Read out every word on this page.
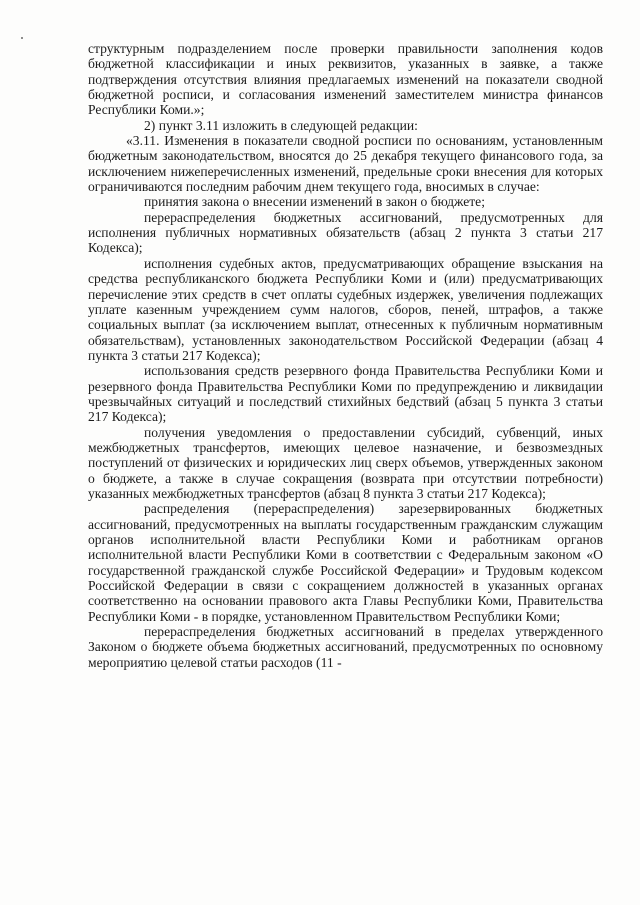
структурным подразделением после проверки правильности заполнения кодов бюджетной классификации и иных реквизитов, указанных в заявке, а также подтверждения отсутствия влияния предлагаемых изменений на показатели сводной бюджетной росписи, и согласования изменений заместителем министра финансов Республики Коми.»;

2) пункт 3.11 изложить в следующей редакции:

«3.11. Изменения в показатели сводной росписи по основаниям, установленным бюджетным законодательством, вносятся до 25 декабря текущего финансового года, за исключением нижеперечисленных изменений, предельные сроки внесения для которых ограничиваются последним рабочим днем текущего года, вносимых в случае:

принятия закона о внесении изменений в закон о бюджете;

перераспределения бюджетных ассигнований, предусмотренных для исполнения публичных нормативных обязательств (абзац 2 пункта 3 статьи 217 Кодекса);

исполнения судебных актов, предусматривающих обращение взыскания на средства республиканского бюджета Республики Коми и (или) предусматривающих перечисление этих средств в счет оплаты судебных издержек, увеличения подлежащих уплате казенным учреждением сумм налогов, сборов, пеней, штрафов, а также социальных выплат (за исключением выплат, отнесенных к публичным нормативным обязательствам), установленных законодательством Российской Федерации (абзац 4 пункта 3 статьи 217 Кодекса);

использования средств резервного фонда Правительства Республики Коми и резервного фонда Правительства Республики Коми по предупреждению и ликвидации чрезвычайных ситуаций и последствий стихийных бедствий (абзац 5 пункта 3 статьи 217 Кодекса);

получения уведомления о предоставлении субсидий, субвенций, иных межбюджетных трансфертов, имеющих целевое назначение, и безвозмездных поступлений от физических и юридических лиц сверх объемов, утвержденных законом о бюджете, а также в случае сокращения (возврата при отсутствии потребности) указанных межбюджетных трансфертов (абзац 8 пункта 3 статьи 217 Кодекса);

распределения (перераспределения) зарезервированных бюджетных ассигнований, предусмотренных на выплаты государственным гражданским служащим органов исполнительной власти Республики Коми и работникам органов исполнительной власти Республики Коми в соответствии с Федеральным законом «О государственной гражданской службе Российской Федерации» и Трудовым кодексом Российской Федерации в связи с сокращением должностей в указанных органах соответственно на основании правового акта Главы Республики Коми, Правительства Республики Коми - в порядке, установленном Правительством Республики Коми;

перераспределения бюджетных ассигнований в пределах утвержденного Законом о бюджете объема бюджетных ассигнований, предусмотренных по основному мероприятию целевой статьи расходов (11 -
